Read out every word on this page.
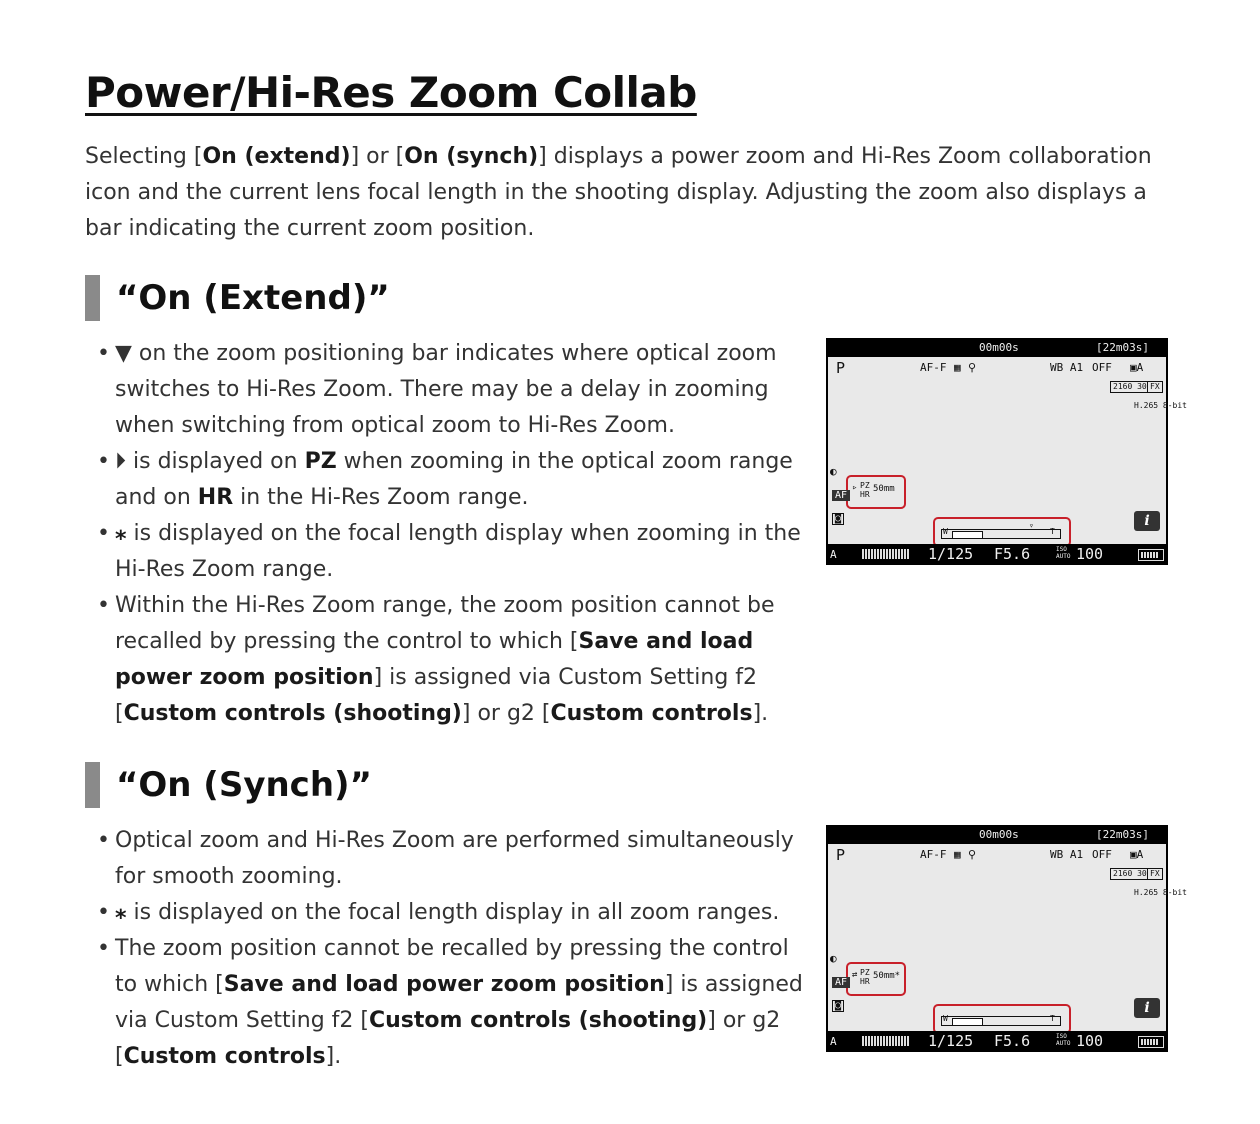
Power/Hi-Res Zoom Collab

Selecting [On (extend)] or [On (synch)] displays a power zoom and Hi-Res Zoom collaboration icon and the current lens focal length in the shooting display. Adjusting the zoom also displays a bar indicating the current zoom position.

“On (Extend)”
• ▼ on the zoom positioning bar indicates where optical zoom switches to Hi-Res Zoom. There may be a delay in zooming when switching from optical zoom to Hi-Res Zoom.
• ⏵ is displayed on PZ when zooming in the optical zoom range and on HR in the Hi-Res Zoom range.
• ⁎ is displayed on the focal length display when zooming in the Hi-Res Zoom range.
• Within the Hi-Res Zoom range, the zoom position cannot be recalled by pressing the control to which [Save and load power zoom position] is assigned via Custom Setting f2 [Custom controls (shooting)] or g2 [Custom controls].
00m00s	[22m03s]
P	AF-F ▦ ⚲	WB A1 OFF ▣A
2160 30 FX
H.265 8-bit
◐
▹ PZ
HR
50mm
AF
◙
W	T
▿	i
A	1/125 F5.6	ISO AUTO 100
“On (Synch)”
• Optical zoom and Hi-Res Zoom are performed simultaneously for smooth zooming.
• ⁎ is displayed on the focal length display in all zoom ranges.
• The zoom position cannot be recalled by pressing the control to which [Save and load power zoom position] is assigned via Custom Setting f2 [Custom controls (shooting)] or g2 [Custom controls].
00m00s	[22m03s]
P	AF-F ▦ ⚲	WB A1 OFF ▣A
2160 30 FX
H.265 8-bit
◐
⇄ PZ
HR
50mm*
AF
◙
W	T
i
A	1/125 F5.6	ISO AUTO 100
